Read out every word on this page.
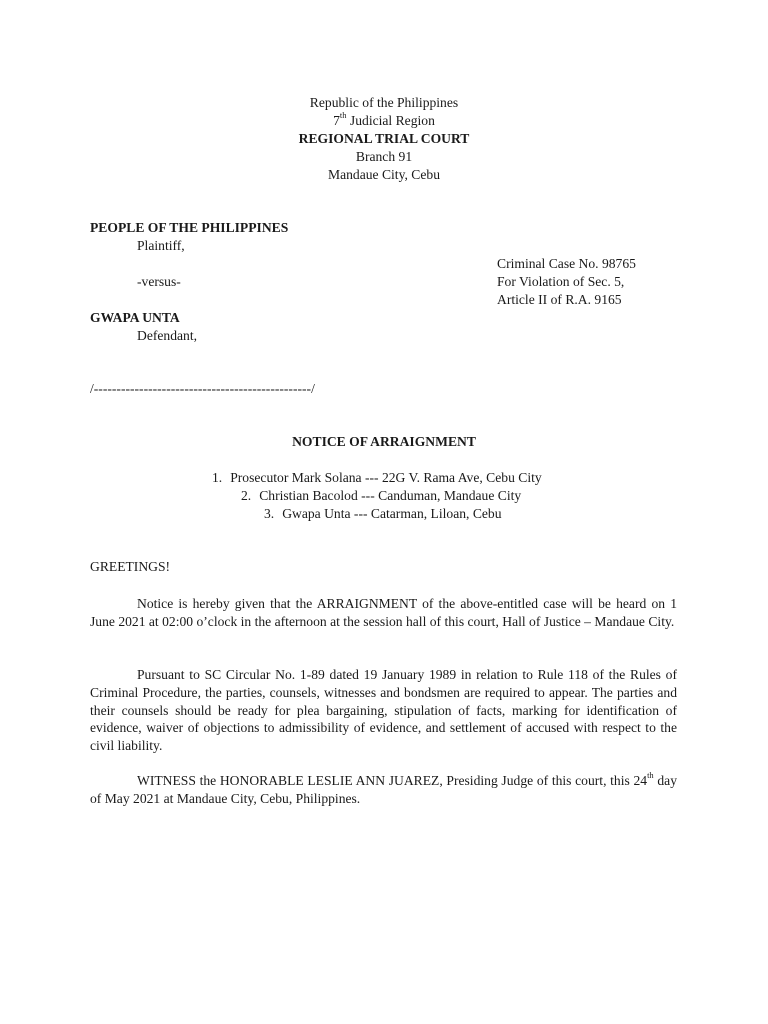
Republic of the Philippines
7th Judicial Region
REGIONAL TRIAL COURT
Branch 91
Mandaue City, Cebu
PEOPLE OF THE PHILIPPINES
Plaintiff,
Criminal Case No. 98765
-versus-	For Violation of Sec. 5,
Article II of R.A. 9165
GWAPA UNTA
Defendant,
/------------------------------------------------/
NOTICE OF ARRAIGNMENT
1. Prosecutor Mark Solana --- 22G V. Rama Ave, Cebu City
2. Christian Bacolod --- Canduman, Mandaue City
3. Gwapa Unta --- Catarman, Liloan, Cebu
GREETINGS!
Notice is hereby given that the ARRAIGNMENT of the above-entitled case will be heard on 1 June 2021 at 02:00 o’clock in the afternoon at the session hall of this court, Hall of Justice – Mandaue City.
Pursuant to SC Circular No. 1-89 dated 19 January 1989 in relation to Rule 118 of the Rules of Criminal Procedure, the parties, counsels, witnesses and bondsmen are required to appear. The parties and their counsels should be ready for plea bargaining, stipulation of facts, marking for identification of evidence, waiver of objections to admissibility of evidence, and settlement of accused with respect to the civil liability.
WITNESS the HONORABLE LESLIE ANN JUAREZ, Presiding Judge of this court, this 24th day of May 2021 at Mandaue City, Cebu, Philippines.
